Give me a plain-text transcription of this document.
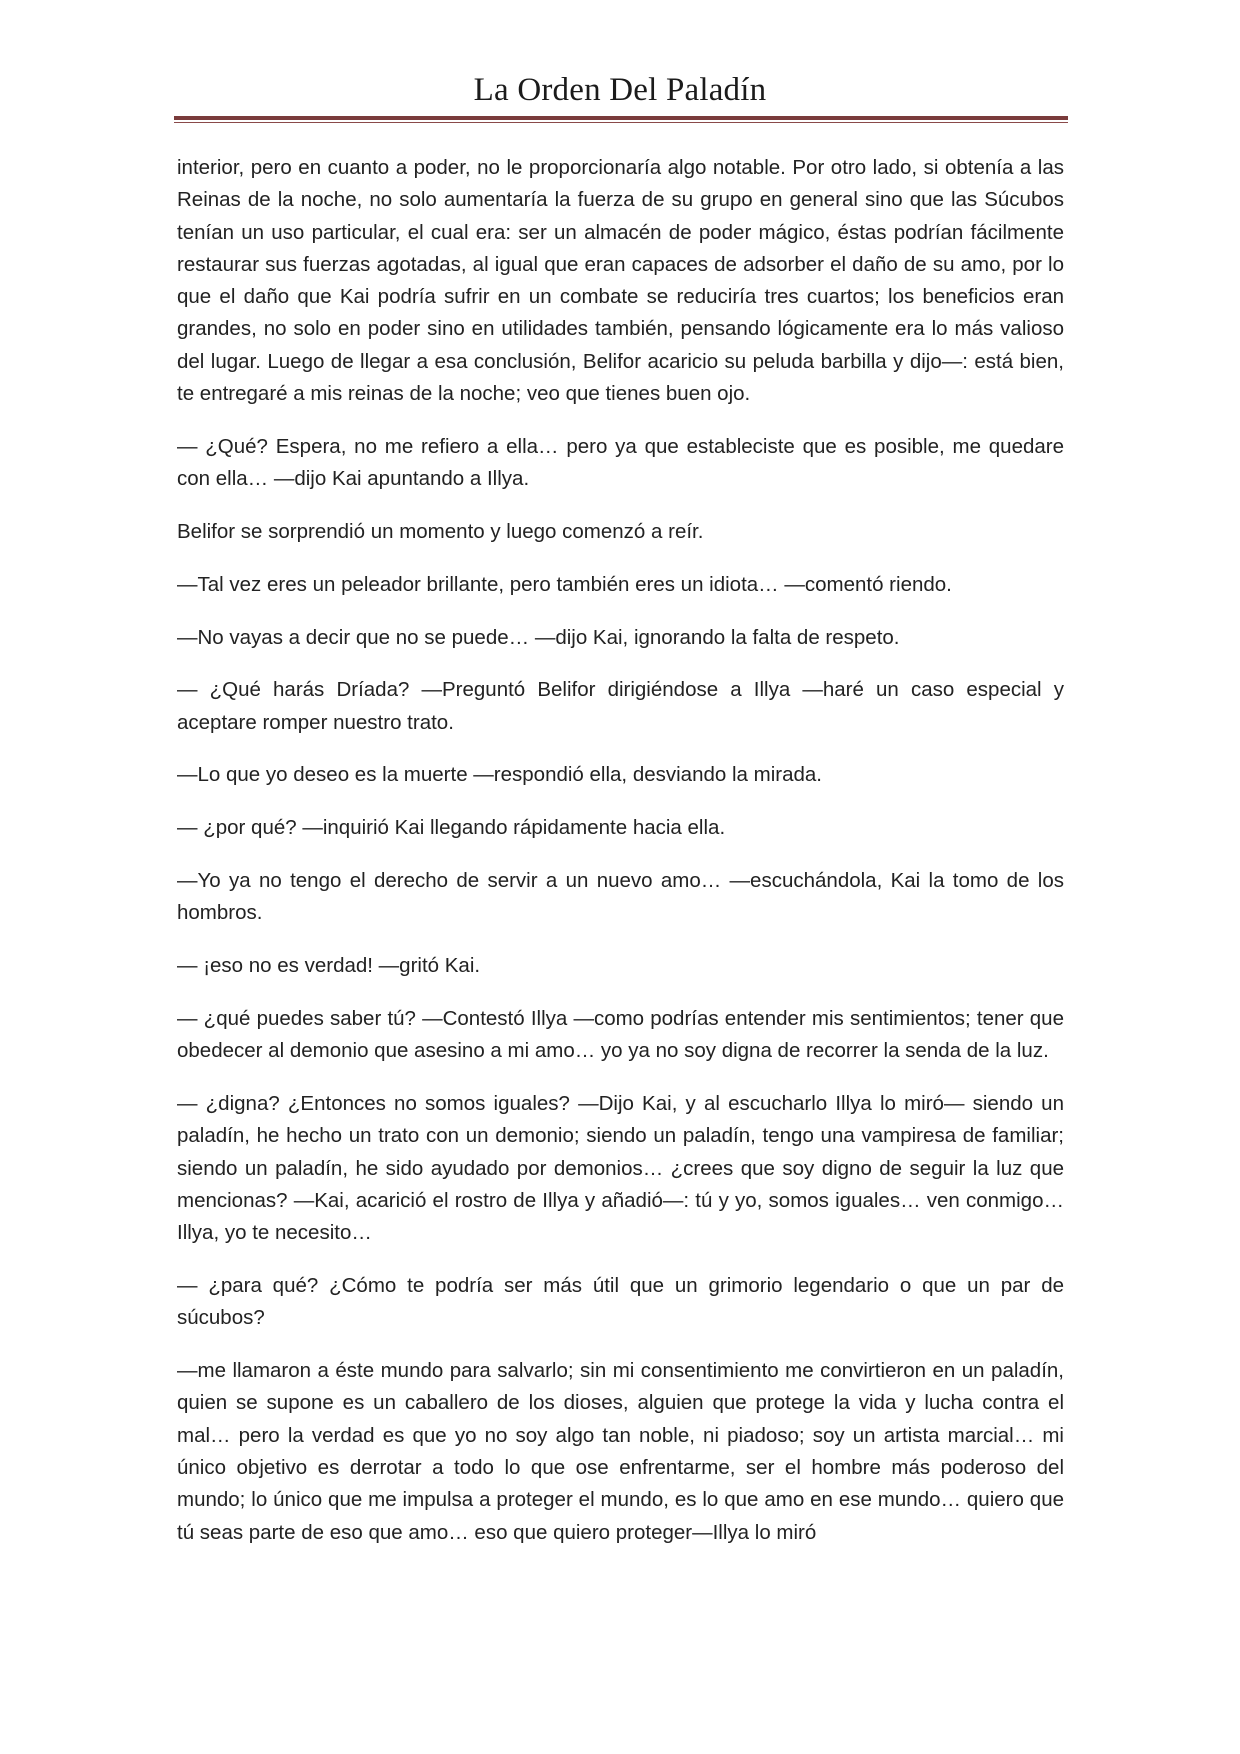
La Orden Del Paladín

interior, pero en cuanto a poder, no le proporcionaría algo notable. Por otro lado, si obtenía a las Reinas de la noche, no solo aumentaría la fuerza de su grupo en general sino que las Súcubos tenían un uso particular, el cual era: ser un almacén de poder mágico, éstas podrían fácilmente restaurar sus fuerzas agotadas, al igual que eran capaces de adsorber el daño de su amo, por lo que el daño que Kai podría sufrir en un combate se reduciría tres cuartos; los beneficios eran grandes, no solo en poder sino en utilidades también, pensando lógicamente era lo más valioso del lugar. Luego de llegar a esa conclusión, Belifor acaricio su peluda barbilla y dijo—: está bien, te entregaré a mis reinas de la noche; veo que tienes buen ojo.

— ¿Qué? Espera, no me refiero a ella… pero ya que estableciste que es posible, me quedare con ella… —dijo Kai apuntando a Illya.

Belifor se sorprendió un momento y luego comenzó a reír.

—Tal vez eres un peleador brillante, pero también eres un idiota… —comentó riendo.

—No vayas a decir que no se puede… —dijo Kai, ignorando la falta de respeto.

— ¿Qué harás Dríada? —Preguntó Belifor dirigiéndose a Illya —haré un caso especial y aceptare romper nuestro trato.

—Lo que yo deseo es la muerte —respondió ella, desviando la mirada.

— ¿por qué? —inquirió Kai llegando rápidamente hacia ella.

—Yo ya no tengo el derecho de servir a un nuevo amo… —escuchándola, Kai la tomo de los hombros.

— ¡eso no es verdad! —gritó Kai.

— ¿qué puedes saber tú? —Contestó Illya —como podrías entender mis sentimientos; tener que obedecer al demonio que asesino a mi amo… yo ya no soy digna de recorrer la senda de la luz.

— ¿digna? ¿Entonces no somos iguales? —Dijo Kai, y al escucharlo Illya lo miró— siendo un paladín, he hecho un trato con un demonio; siendo un paladín, tengo una vampiresa de familiar; siendo un paladín, he sido ayudado por demonios… ¿crees que soy digno de seguir la luz que mencionas? —Kai, acarició el rostro de Illya y añadió—: tú y yo, somos iguales… ven conmigo… Illya, yo te necesito…

— ¿para qué? ¿Cómo te podría ser más útil que un grimorio legendario o que un par de súcubos?

—me llamaron a éste mundo para salvarlo; sin mi consentimiento me convirtieron en un paladín, quien se supone es un caballero de los dioses, alguien que protege la vida y lucha contra el mal… pero la verdad es que yo no soy algo tan noble, ni piadoso; soy un artista marcial… mi único objetivo es derrotar a todo lo que ose enfrentarme, ser el hombre más poderoso del mundo; lo único que me impulsa a proteger el mundo, es lo que amo en ese mundo… quiero que tú seas parte de eso que amo… eso que quiero proteger—Illya lo miró
